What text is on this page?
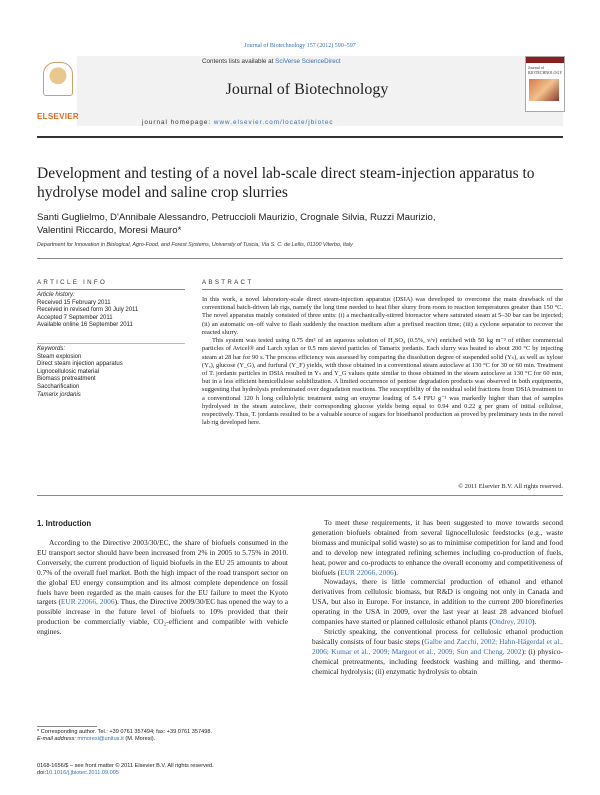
Journal of Biotechnology 157 (2012) 590–597
ELSEVIER
Contents lists available at SciVerse ScienceDirect
Journal of Biotechnology
journal homepage: www.elsevier.com/locate/jbiotec
Journal of BIOTECHNOLOGY
Development and testing of a novel lab-scale direct steam-injection apparatus to
hydrolyse model and saline crop slurries
Santi Guglielmo, D'Annibale Alessandro, Petruccioli Maurizio, Crognale Silvia, Ruzzi Maurizio,
Valentini Riccardo, Moresi Mauro*
Department for Innovation in Biological, Agro-Food, and Forest Systems, University of Tuscia, Via S. C. de Lellis, 01100 Viterbo, Italy
ARTICLE INFO	ABSTRACT
Article history:
Received 15 February 2011
Received in revised form 30 July 2011
Accepted 7 September 2011
Available online 16 September 2011
Keywords:
Steam explosion
Direct steam injection apparatus
Lignocellulosic material
Biomass pretreatment
Saccharification
Tamarix jordanis

In this work, a novel laboratory-scale direct steam-injection apparatus (DSIA) was developed to overcome the main drawback of the conventional batch-driven lab rigs, namely the long time needed to heat fiber slurry from room to reaction temperatures greater than 150 °C. The novel apparatus mainly consisted of three units: (i) a mechanically-stirred bioreactor where saturated steam at 5–30 bar can be injected; (ii) an automatic on–off valve to flash suddenly the reaction medium after a prefixed reaction time; (iii) a cyclone separator to recover the reacted slurry.

This system was tested using 0.75 dm³ of an aqueous solution of H₂SO₄ (0.5%, v/v) enriched with 50 kg m⁻³ of either commercial particles of Avicel® and Larch xylan or 0.5 mm sieved particles of Tamarix jordanis. Each slurry was heated to about 200 °C by injecting steam at 28 bar for 90 s. The process efficiency was assessed by comparing the dissolution degree of suspended solid (Yₛ), as well as xylose (Yₓ), glucose (Y_G), and furfural (Y_F) yields, with those obtained in a conventional steam autoclave at 130 °C for 30 or 60 min. Treatment of T. jordanis particles in DSIA resulted in Yₛ and Y_G values quite similar to those obtained in the steam autoclave at 130 °C for 60 min, but in a less efficient hemicellulose solubilization. A limited occurrence of pentose degradation products was observed in both equipments, suggesting that hydrolysis predominated over degradation reactions. The susceptibility of the residual solid fractions from DSIA treatment to a conventional 120 h long cellulolytic treatment using an enzyme loading of 5.4 FPU g⁻¹ was markedly higher than that of samples hydrolysed in the steam autoclave, their corresponding glucose yields being equal to 0.94 and 0.22 g per gram of initial cellulose, respectively. Thus, T. jordanis resulted to be a valuable source of sugars for bioethanol production as proved by preliminary tests in the novel lab rig developed here.

© 2011 Elsevier B.V. All rights reserved.
1. Introduction

According to the Directive 2003/30/EC, the share of biofuels consumed in the EU transport sector should have been increased from 2% in 2005 to 5.75% in 2010. Conversely, the current production of liquid biofuels in the EU 25 amounts to about 0.7% of the overall fuel market. Both the high impact of the road transport sector on the global EU energy consumption and its almost complete dependence on fossil fuels have been regarded as the main causes for the EU failure to meet the Kyoto targets (EUR 22066, 2006). Thus, the Directive 2009/30/EC has opened the way to a possible increase in the future level of biofuels to 10% provided that their production be commercially viable, CO₂-efficient and compatible with vehicle engines.

To meet these requirements, it has been suggested to move towards second generation biofuels obtained from several lignocellulosic feedstocks (e.g., waste biomass and municipal solid waste) so as to minimise competition for land and food and to develop new integrated refining schemes including co-production of fuels, heat, power and co-products to enhance the overall economy and competitiveness of biofuels (EUR 22066, 2006).

Nowadays, there is little commercial production of ethanol and ethanol derivatives from cellulosic biomass, but R&D is ongoing not only in Canada and USA, but also in Europe. For instance, in addition to the current 200 biorefineries operating in the USA in 2009, over the last year at least 28 advanced biofuel companies have started or planned cellulosic ethanol plants (Ondrey, 2010).

Strictly speaking, the conventional process for cellulosic ethanol production basically consists of four basic steps (Galbe and Zacchi, 2002; Hahn-Hägerdal et al., 2006; Kumar et al., 2009; Margeot et al., 2009; Sun and Cheng, 2002): (i) physico-chemical pretreatments, including feedstock washing and milling, and thermo-chemical hydrolysis; (ii) enzymatic hydrolysis to obtain

* Corresponding author. Tel.: +39 0761 357494; fax: +39 0761 357498.
E-mail address: mmoresi@unitus.it (M. Moresi).
0168-1656/$ – see front matter © 2011 Elsevier B.V. All rights reserved.
doi:10.1016/j.jbiotec.2011.09.005
